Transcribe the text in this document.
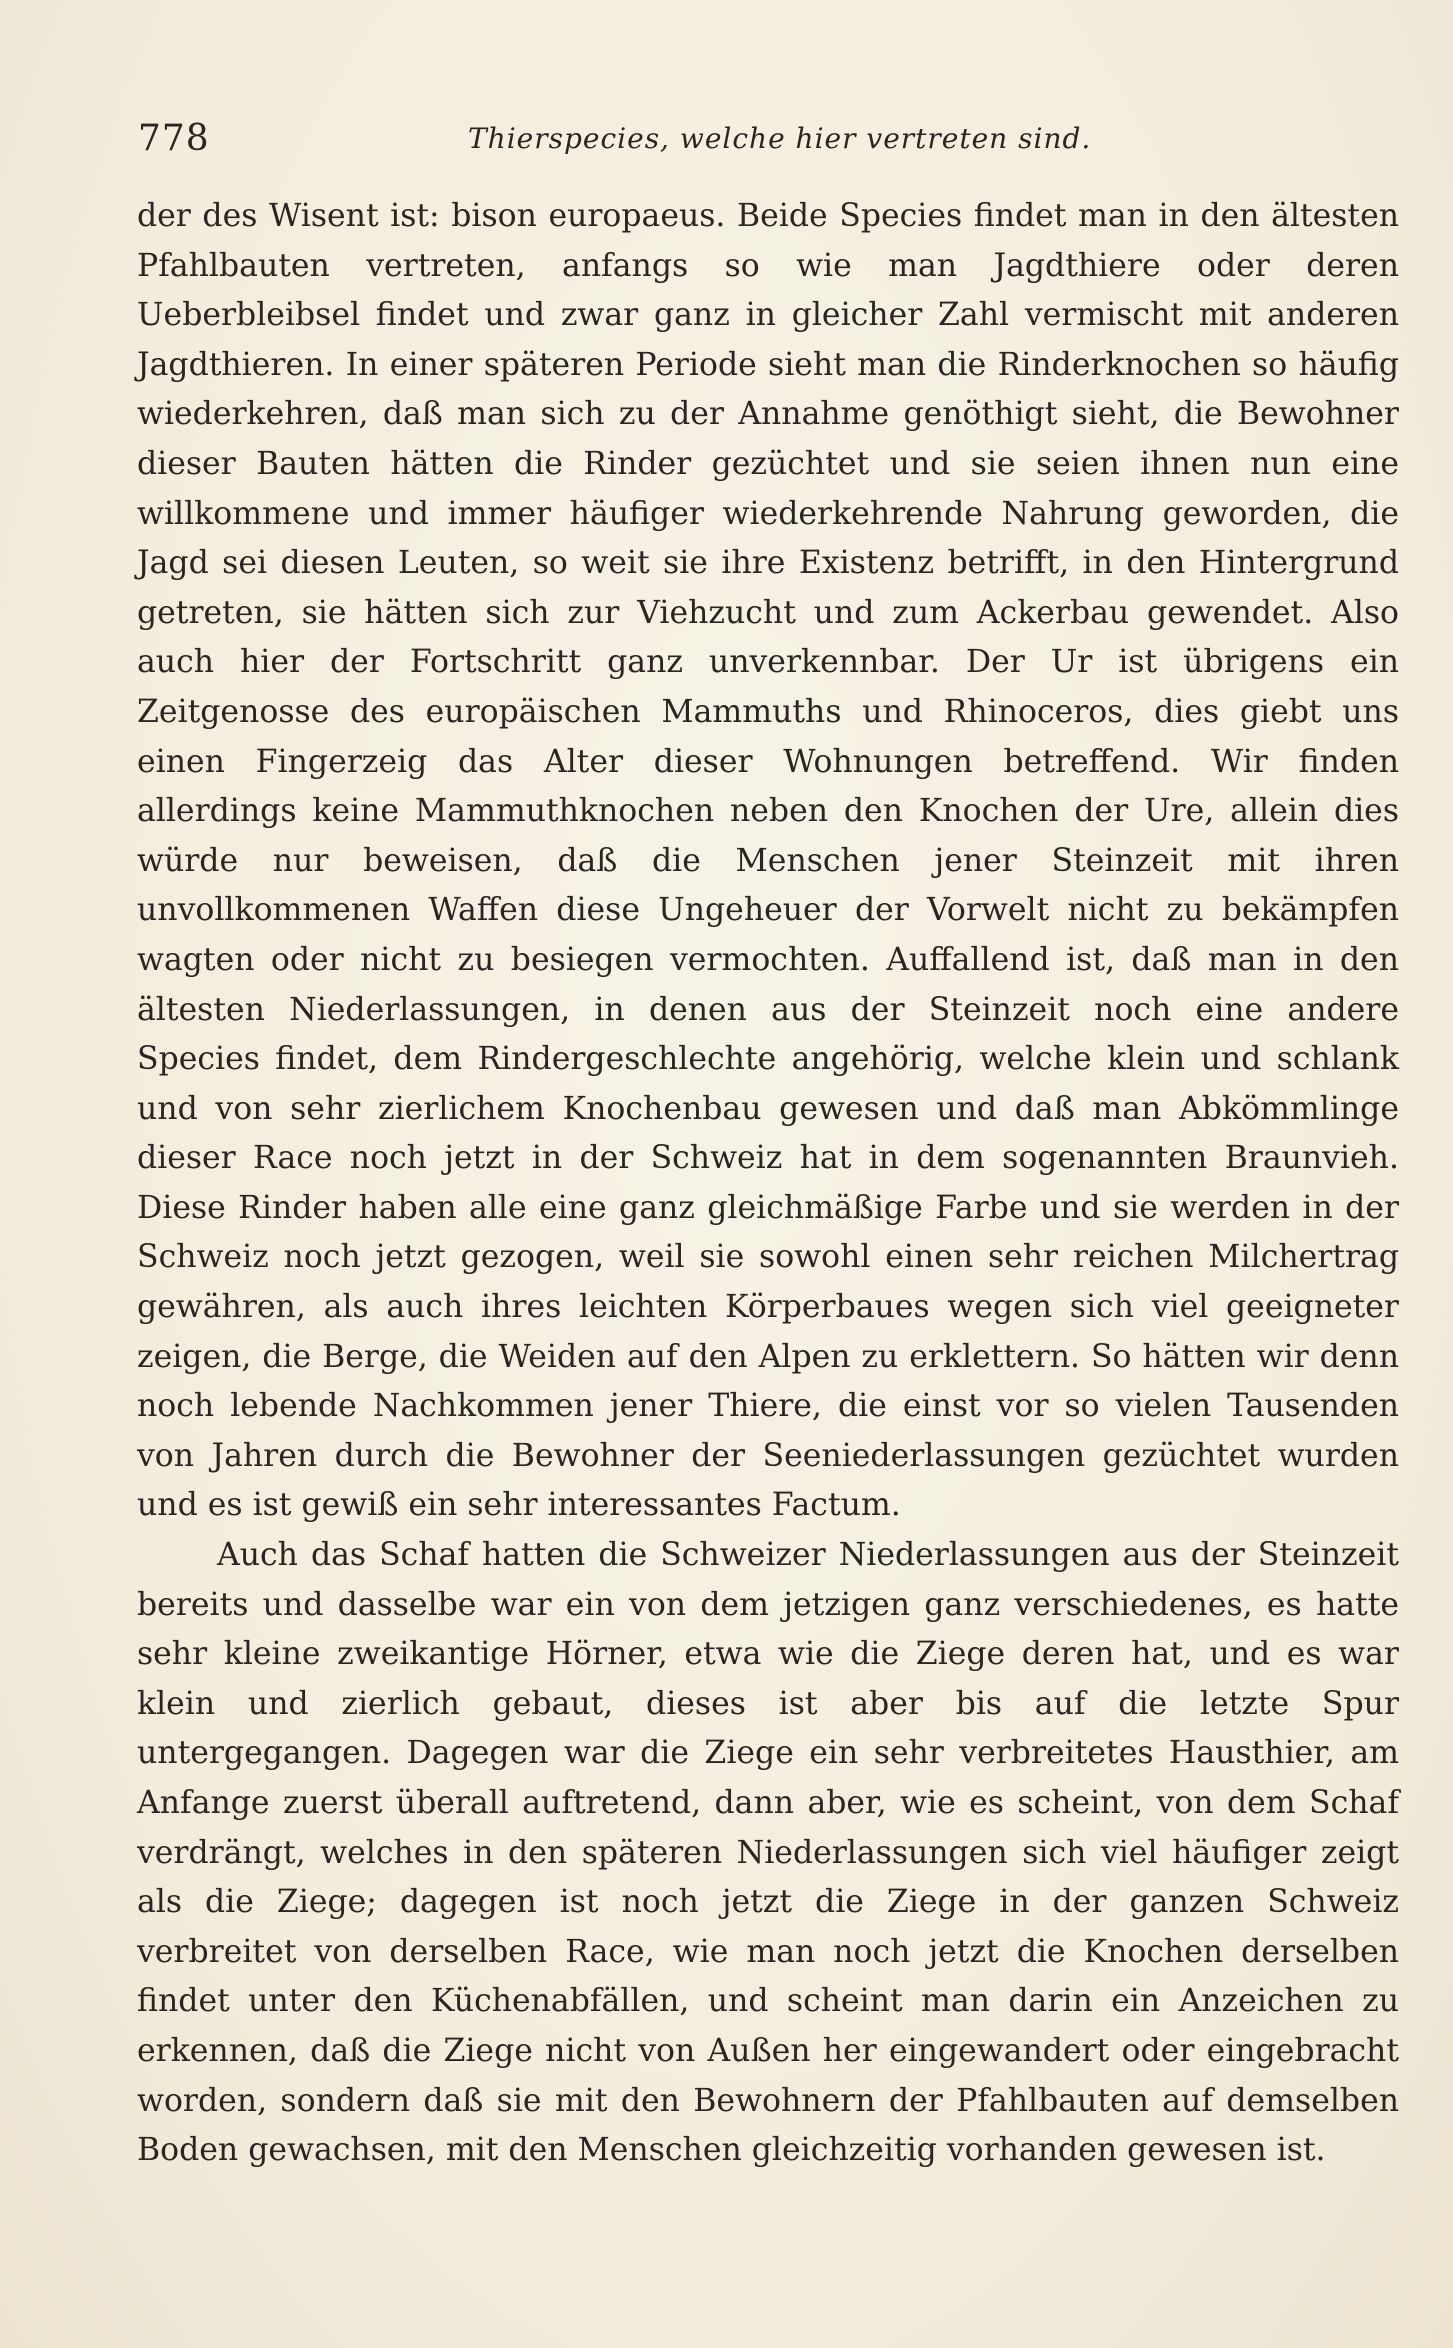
778	Thierspecies, welche hier vertreten sind.

der des Wisent ist: bison europaeus. Beide Species findet man in den ältesten Pfahlbauten vertreten, anfangs so wie man Jagdthiere oder deren Ueberbleibsel findet und zwar ganz in gleicher Zahl vermischt mit anderen Jagdthieren. In einer späteren Periode sieht man die Rinderknochen so häufig wiederkehren, daß man sich zu der Annahme genöthigt sieht, die Bewohner dieser Bauten hätten die Rinder gezüchtet und sie seien ihnen nun eine willkommene und immer häufiger wiederkehrende Nahrung geworden, die Jagd sei diesen Leuten, so weit sie ihre Existenz betrifft, in den Hintergrund getreten, sie hätten sich zur Viehzucht und zum Ackerbau gewendet. Also auch hier der Fortschritt ganz unverkennbar. Der Ur ist übrigens ein Zeitgenosse des europäischen Mammuths und Rhinoceros, dies giebt uns einen Fingerzeig das Alter dieser Wohnungen betreffend. Wir finden allerdings keine Mammuthknochen neben den Knochen der Ure, allein dies würde nur beweisen, daß die Menschen jener Steinzeit mit ihren unvollkommenen Waffen diese Ungeheuer der Vorwelt nicht zu bekämpfen wagten oder nicht zu besiegen vermochten. Auffallend ist, daß man in den ältesten Niederlassungen, in denen aus der Steinzeit noch eine andere Species findet, dem Rindergeschlechte angehörig, welche klein und schlank und von sehr zierlichem Knochenbau gewesen und daß man Abkömmlinge dieser Race noch jetzt in der Schweiz hat in dem sogenannten Braunvieh. Diese Rinder haben alle eine ganz gleichmäßige Farbe und sie werden in der Schweiz noch jetzt gezogen, weil sie sowohl einen sehr reichen Milchertrag gewähren, als auch ihres leichten Körperbaues wegen sich viel geeigneter zeigen, die Berge, die Weiden auf den Alpen zu erklettern. So hätten wir denn noch lebende Nachkommen jener Thiere, die einst vor so vielen Tausenden von Jahren durch die Bewohner der Seeniederlassungen gezüchtet wurden und es ist gewiß ein sehr interessantes Factum.

Auch das Schaf hatten die Schweizer Niederlassungen aus der Steinzeit bereits und dasselbe war ein von dem jetzigen ganz verschiedenes, es hatte sehr kleine zweikantige Hörner, etwa wie die Ziege deren hat, und es war klein und zierlich gebaut, dieses ist aber bis auf die letzte Spur untergegangen. Dagegen war die Ziege ein sehr verbreitetes Hausthier, am Anfange zuerst überall auftretend, dann aber, wie es scheint, von dem Schaf verdrängt, welches in den späteren Niederlassungen sich viel häufiger zeigt als die Ziege; dagegen ist noch jetzt die Ziege in der ganzen Schweiz verbreitet von derselben Race, wie man noch jetzt die Knochen derselben findet unter den Küchenabfällen, und scheint man darin ein Anzeichen zu erkennen, daß die Ziege nicht von Außen her eingewandert oder eingebracht worden, sondern daß sie mit den Bewohnern der Pfahlbauten auf demselben Boden gewachsen, mit den Menschen gleichzeitig vorhanden gewesen ist.
